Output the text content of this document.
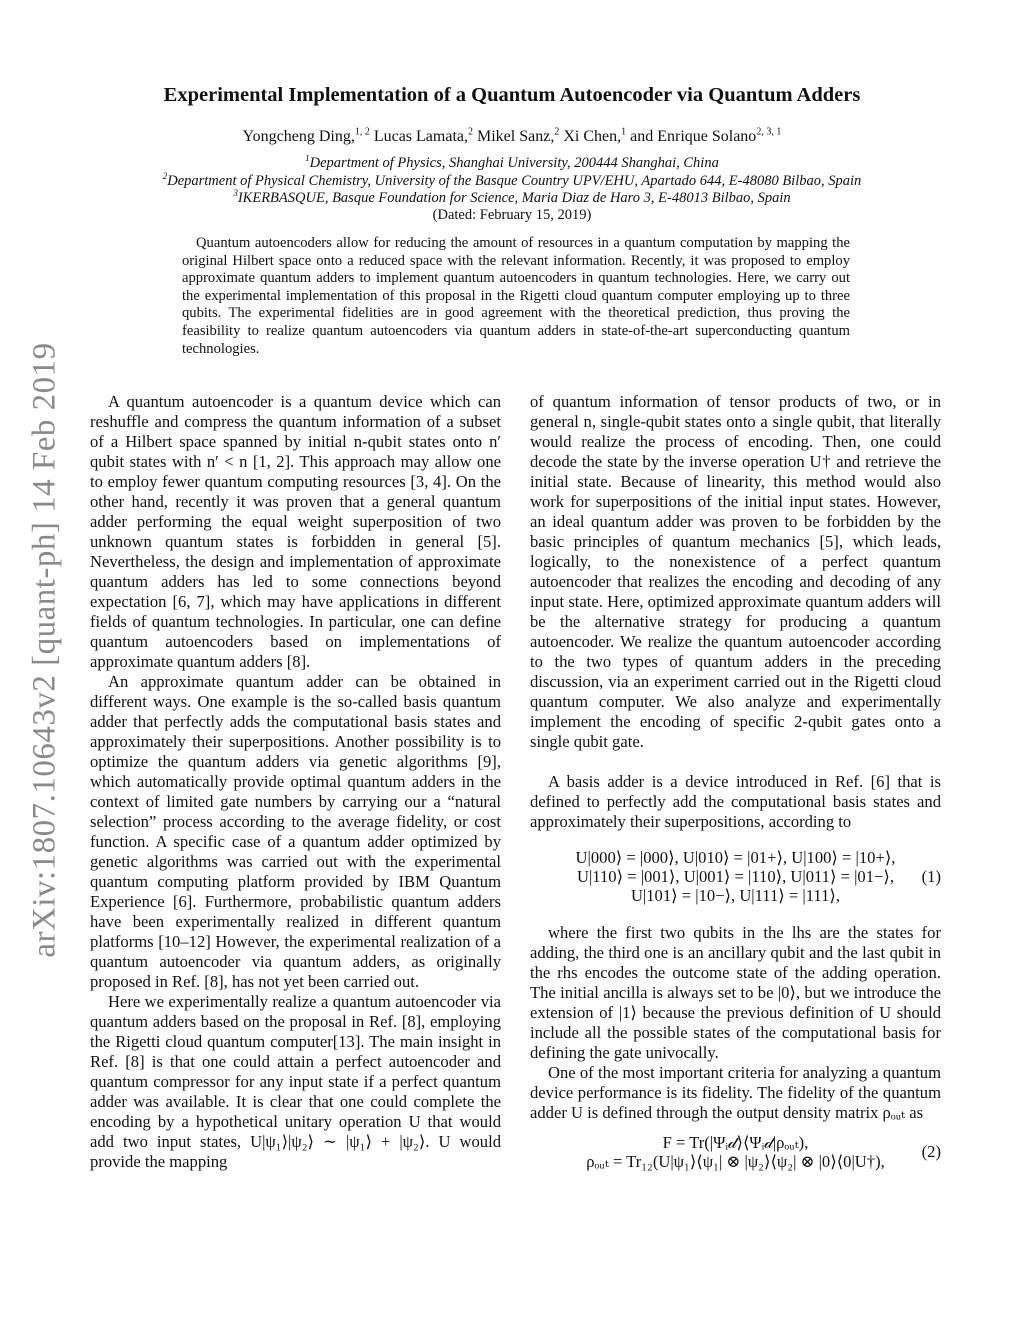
arXiv:1807.10643v2 [quant-ph] 14 Feb 2019
Experimental Implementation of a Quantum Autoencoder via Quantum Adders
Yongcheng Ding,$^{1, 2}$ Lucas Lamata,$^2$ Mikel Sanz,$^2$ Xi Chen,$^1$ and Enrique Solano$^{2, 3, 1}$
$^1$Department of Physics, Shanghai University, 200444 Shanghai, China
$^2$Department of Physical Chemistry, University of the Basque Country UPV/EHU, Apartado 644, E-48080 Bilbao, Spain
$^3$IKERBASQUE, Basque Foundation for Science, Maria Diaz de Haro 3, E-48013 Bilbao, Spain
(Dated: February 15, 2019)
Quantum autoencoders allow for reducing the amount of resources in a quantum computation by mapping the original Hilbert space onto a reduced space with the relevant information. Recently, it was proposed to employ approximate quantum adders to implement quantum autoencoders in quantum technologies. Here, we carry out the experimental implementation of this proposal in the Rigetti cloud quantum computer employing up to three qubits. The experimental fidelities are in good agreement with the theoretical prediction, thus proving the feasibility to realize quantum autoencoders via quantum adders in state-of-the-art superconducting quantum technologies.

A quantum autoencoder is a quantum device which can reshuffle and compress the quantum information of a subset of a Hilbert space spanned by initial n-qubit states onto n′ qubit states with n′ < n [1, 2]. This approach may allow one to employ fewer quantum computing resources [3, 4]. On the other hand, recently it was proven that a general quantum adder performing the equal weight superposition of two unknown quantum states is forbidden in general [5]. Nevertheless, the design and implementation of approximate quantum adders has led to some connections beyond expectation [6, 7], which may have applications in different fields of quantum technologies. In particular, one can define quantum autoencoders based on implementations of approximate quantum adders [8].

An approximate quantum adder can be obtained in different ways. One example is the so-called basis quantum adder that perfectly adds the computational basis states and approximately their superpositions. Another possibility is to optimize the quantum adders via genetic algorithms [9], which automatically provide optimal quantum adders in the context of limited gate numbers by carrying our a “natural selection” process according to the average fidelity, or cost function. A specific case of a quantum adder optimized by genetic algorithms was carried out with the experimental quantum computing platform provided by IBM Quantum Experience [6]. Furthermore, probabilistic quantum adders have been experimentally realized in different quantum platforms [10–12] However, the experimental realization of a quantum autoencoder via quantum adders, as originally proposed in Ref. [8], has not yet been carried out.

Here we experimentally realize a quantum autoencoder via quantum adders based on the proposal in Ref. [8], employing the Rigetti cloud quantum computer[13]. The main insight in Ref. [8] is that one could attain a perfect autoencoder and quantum compressor for any input state if a perfect quantum adder was available. It is clear that one could complete the encoding by a hypothetical unitary operation U that would add two input states, U|ψ₁⟩|ψ₂⟩ ∼ |ψ₁⟩ + |ψ₂⟩. U would provide the mapping

of quantum information of tensor products of two, or in general n, single-qubit states onto a single qubit, that literally would realize the process of encoding. Then, one could decode the state by the inverse operation U† and retrieve the initial state. Because of linearity, this method would also work for superpositions of the initial input states. However, an ideal quantum adder was proven to be forbidden by the basic principles of quantum mechanics [5], which leads, logically, to the nonexistence of a perfect quantum autoencoder that realizes the encoding and decoding of any input state. Here, optimized approximate quantum adders will be the alternative strategy for producing a quantum autoencoder. We realize the quantum autoencoder according to the two types of quantum adders in the preceding discussion, via an experiment carried out in the Rigetti cloud quantum computer. We also analyze and experimentally implement the encoding of specific 2-qubit gates onto a single qubit gate.

A basis adder is a device introduced in Ref. [6] that is defined to perfectly add the computational basis states and approximately their superpositions, according to

U|000⟩ = |000⟩, U|010⟩ = |01+⟩, U|100⟩ = |10+⟩,
U|110⟩ = |001⟩, U|001⟩ = |110⟩, U|011⟩ = |01−⟩,
U|101⟩ = |10−⟩, U|111⟩ = |111⟩,
(1)

where the first two qubits in the lhs are the states for adding, the third one is an ancillary qubit and the last qubit in the rhs encodes the outcome state of the adding operation. The initial ancilla is always set to be |0⟩, but we introduce the extension of |1⟩ because the previous definition of U should include all the possible states of the computational basis for defining the gate univocally.

One of the most important criteria for analyzing a quantum device performance is its fidelity. The fidelity of the quantum adder U is defined through the output density matrix ρₒᵤₜ as

F = Tr(|Ψᵢ𝒹⟩⟨Ψᵢ𝒹|ρₒᵤₜ),
ρₒᵤₜ = Tr₁₂(U|ψ₁⟩⟨ψ₁| ⊗ |ψ₂⟩⟨ψ₂| ⊗ |0⟩⟨0|U†),
(2)
